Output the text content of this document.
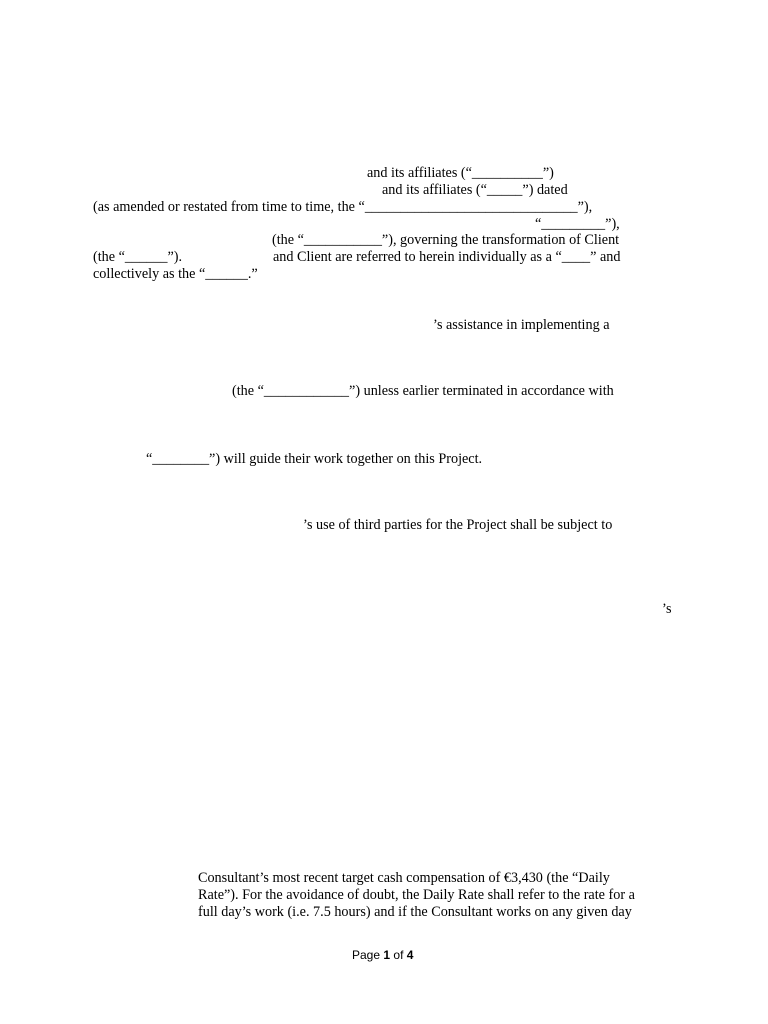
and its affiliates (“__________”)
and its affiliates (“_____”) dated
(as amended or restated from time to time, the “______________________________”),
“_________”),
(the “___________”), governing the transformation of Client
(the “______”).	and Client are referred to herein individually as a “____” and
collectively as the “______.”
’s assistance in implementing a
(the “____________”) unless earlier terminated in accordance with
“________”) will guide their work together on this Project.
’s use of third parties for the Project shall be subject to
’s
Consultant’s most recent target cash compensation of €3,430 (the “Daily
Rate”). For the avoidance of doubt, the Daily Rate shall refer to the rate for a
full day’s work (i.e. 7.5 hours) and if the Consultant works on any given day
Page 1 of 4
